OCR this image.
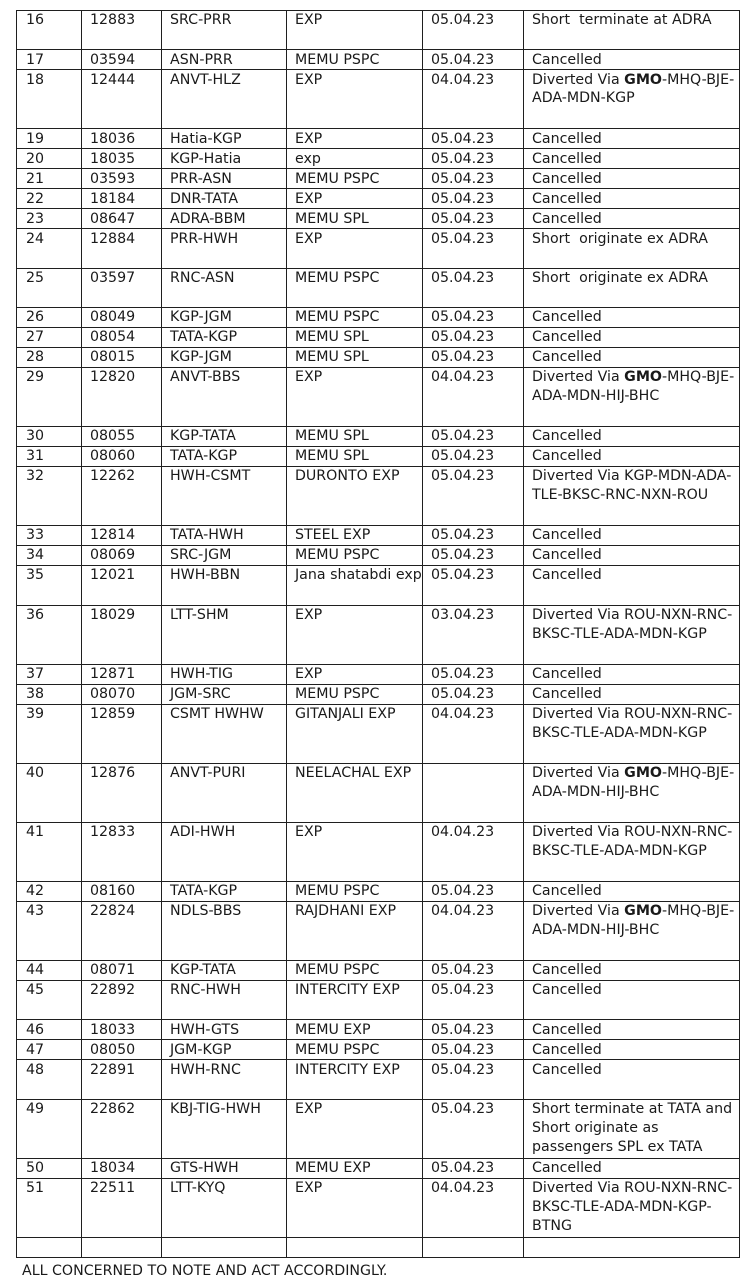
16	12883	SRC-PRR	EXP	05.04.23	Short  terminate at ADRA
17	03594	ASN-PRR	MEMU PSPC	05.04.23	Cancelled
18	12444	ANVT-HLZ	EXP	04.04.23	Diverted Via GMO-MHQ-BJE-ADA-MDN-KGP
19	18036	Hatia-KGP	EXP	05.04.23	Cancelled
20	18035	KGP-Hatia	exp	05.04.23	Cancelled
21	03593	PRR-ASN	MEMU PSPC	05.04.23	Cancelled
22	18184	DNR-TATA	EXP	05.04.23	Cancelled
23	08647	ADRA-BBM	MEMU SPL	05.04.23	Cancelled
24	12884	PRR-HWH	EXP	05.04.23	Short  originate ex ADRA
25	03597	RNC-ASN	MEMU PSPC	05.04.23	Short  originate ex ADRA
26	08049	KGP-JGM	MEMU PSPC	05.04.23	Cancelled
27	08054	TATA-KGP	MEMU SPL	05.04.23	Cancelled
28	08015	KGP-JGM	MEMU SPL	05.04.23	Cancelled
29	12820	ANVT-BBS	EXP	04.04.23	Diverted Via GMO-MHQ-BJE-ADA-MDN-HIJ-BHC
30	08055	KGP-TATA	MEMU SPL	05.04.23	Cancelled
31	08060	TATA-KGP	MEMU SPL	05.04.23	Cancelled
32	12262	HWH-CSMT	DURONTO EXP	05.04.23	Diverted Via KGP-MDN-ADA-TLE-BKSC-RNC-NXN-ROU
33	12814	TATA-HWH	STEEL EXP	05.04.23	Cancelled
34	08069	SRC-JGM	MEMU PSPC	05.04.23	Cancelled
35	12021	HWH-BBN	Jana shatabdi exp	05.04.23	Cancelled
36	18029	LTT-SHM	EXP	03.04.23	Diverted Via ROU-NXN-RNC-BKSC-TLE-ADA-MDN-KGP
37	12871	HWH-TIG	EXP	05.04.23	Cancelled
38	08070	JGM-SRC	MEMU PSPC	05.04.23	Cancelled
39	12859	CSMT HWHW	GITANJALI EXP	04.04.23	Diverted Via ROU-NXN-RNC-BKSC-TLE-ADA-MDN-KGP
40	12876	ANVT-PURI	NEELACHAL EXP		Diverted Via GMO-MHQ-BJE-ADA-MDN-HIJ-BHC
41	12833	ADI-HWH	EXP	04.04.23	Diverted Via ROU-NXN-RNC-BKSC-TLE-ADA-MDN-KGP
42	08160	TATA-KGP	MEMU PSPC	05.04.23	Cancelled
43	22824	NDLS-BBS	RAJDHANI EXP	04.04.23	Diverted Via GMO-MHQ-BJE-ADA-MDN-HIJ-BHC
44	08071	KGP-TATA	MEMU PSPC	05.04.23	Cancelled
45	22892	RNC-HWH	INTERCITY EXP	05.04.23	Cancelled
46	18033	HWH-GTS	MEMU EXP	05.04.23	Cancelled
47	08050	JGM-KGP	MEMU PSPC	05.04.23	Cancelled
48	22891	HWH-RNC	INTERCITY EXP	05.04.23	Cancelled
49	22862	KBJ-TIG-HWH	EXP	05.04.23	Short terminate at TATA and Short originate as passengers SPL ex TATA
50	18034	GTS-HWH	MEMU EXP	05.04.23	Cancelled
51	22511	LTT-KYQ	EXP	04.04.23	Diverted Via ROU-NXN-RNC-BKSC-TLE-ADA-MDN-KGP-BTNG

ALL CONCERNED TO NOTE AND ACT ACCORDINGLY.
